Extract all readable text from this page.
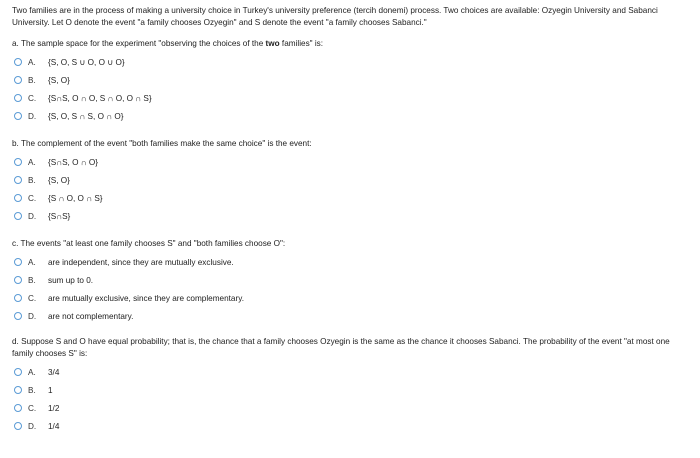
Two families are in the process of making a university choice in Turkey's university preference (tercih donemi) process. Two choices are available: Ozyegin University and Sabanci University. Let O denote the event "a family chooses Ozyegin" and S denote the event "a family chooses Sabanci."

a. The sample space for the experiment "observing the choices of the two families" is:

A.	{S, O, S ∪ O, O ∪ O}
B.	{S, O}
C.	{S∩S, O ∩ O, S ∩ O, O ∩ S}
D.	{S, O, S ∩ S, O ∩ O}

b. The complement of the event "both families make the same choice" is the event:

A.	{S∩S, O ∩ O}
B.	{S, O}
C.	{S ∩ O, O ∩ S}
D.	{S∩S}

c. The events "at least one family chooses S" and "both families choose O":

A.	are independent, since they are mutually exclusive.
B.	sum up to 0.
C.	are mutually exclusive, since they are complementary.
D.	are not complementary.

d. Suppose S and O have equal probability; that is, the chance that a family chooses Ozyegin is the same as the chance it chooses Sabanci. The probability of the event "at most one family chooses S" is:

A.	3/4
B.	1
C.	1/2
D.	1/4
